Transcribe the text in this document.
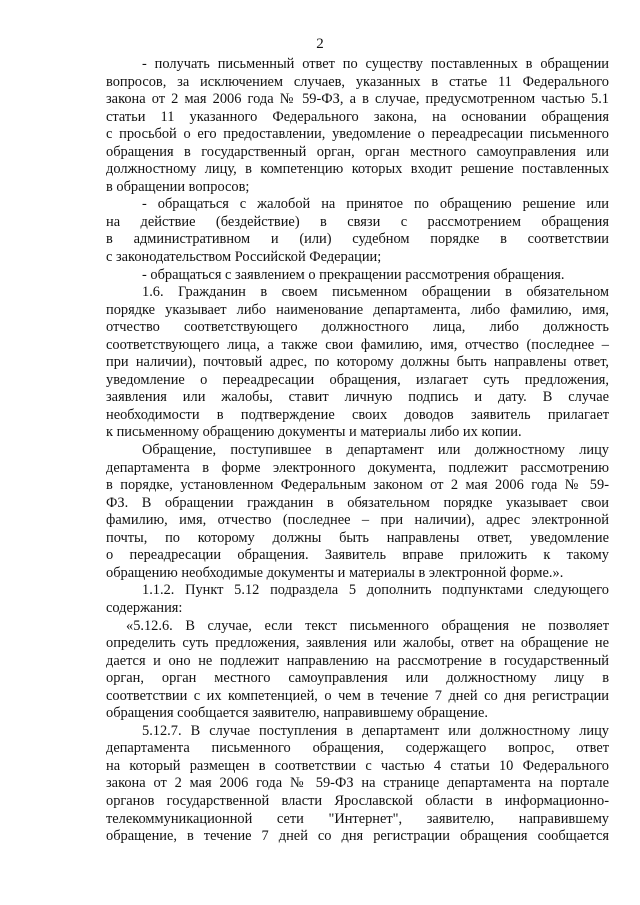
2
- получать письменный ответ по существу поставленных в обращении
вопросов, за исключением случаев, указанных в статье 11 Федерального
закона от 2 мая 2006 года № 59-ФЗ, а в случае, предусмотренном частью 5.1
статьи 11 указанного Федерального закона, на основании обращения
с просьбой о его предоставлении, уведомление о переадресации письменного
обращения в государственный орган, орган местного самоуправления или
должностному лицу, в компетенцию которых входит решение поставленных
в обращении вопросов;
- обращаться с жалобой на принятое по обращению решение или
на действие (бездействие) в связи с рассмотрением обращения
в административном и (или) судебном порядке в соответствии
с законодательством Российской Федерации;
- обращаться с заявлением о прекращении рассмотрения обращения.
1.6. Гражданин в своем письменном обращении в обязательном
порядке указывает либо наименование департамента, либо фамилию, имя,
отчество соответствующего должностного лица, либо должность
соответствующего лица, а также свои фамилию, имя, отчество (последнее –
при наличии), почтовый адрес, по которому должны быть направлены ответ,
уведомление о переадресации обращения, излагает суть предложения,
заявления или жалобы, ставит личную подпись и дату. В случае
необходимости в подтверждение своих доводов заявитель прилагает
к письменному обращению документы и материалы либо их копии.
Обращение, поступившее в департамент или должностному лицу
департамента в форме электронного документа, подлежит рассмотрению
в порядке, установленном Федеральным законом от 2 мая 2006 года № 59-
ФЗ. В обращении гражданин в обязательном порядке указывает свои
фамилию, имя, отчество (последнее – при наличии), адрес электронной
почты, по которому должны быть направлены ответ, уведомление
о переадресации обращения. Заявитель вправе приложить к такому
обращению необходимые документы и материалы в электронной форме.».
1.1.2. Пункт 5.12 подраздела 5 дополнить подпунктами следующего
содержания:
«5.12.6. В случае, если текст письменного обращения не позволяет
определить суть предложения, заявления или жалобы, ответ на обращение не
дается и оно не подлежит направлению на рассмотрение в государственный
орган, орган местного самоуправления или должностному лицу в
соответствии с их компетенцией, о чем в течение 7 дней со дня регистрации
обращения сообщается заявителю, направившему обращение.
5.12.7. В случае поступления в департамент или должностному лицу
департамента письменного обращения, содержащего вопрос, ответ
на который размещен в соответствии с частью 4 статьи 10 Федерального
закона от 2 мая 2006 года № 59-ФЗ на странице департамента на портале
органов государственной власти Ярославской области в информационно-
телекоммуникационной сети "Интернет", заявителю, направившему
обращение, в течение 7 дней со дня регистрации обращения сообщается
